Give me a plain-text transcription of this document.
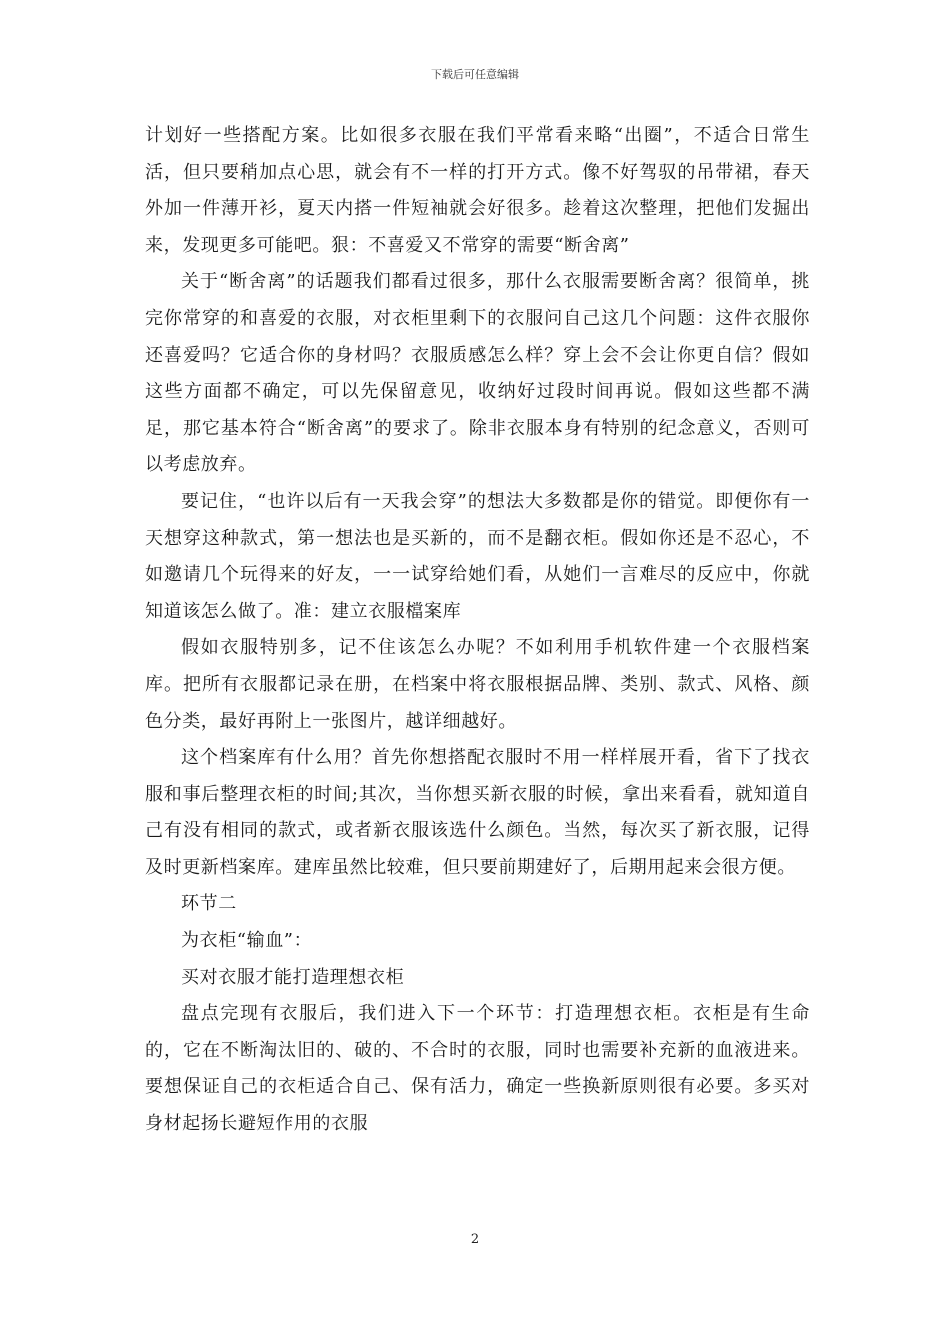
下载后可任意编辑

计划好一些搭配方案。比如很多衣服在我们平常看来略“出圈”，不适合日常生活，但只要稍加点心思，就会有不一样的打开方式。像不好驾驭的吊带裙，春天外加一件薄开衫，夏天内搭一件短袖就会好很多。趁着这次整理，把他们发掘出来，发现更多可能吧。狠：不喜爱又不常穿的需要“断舍离”

关于“断舍离”的话题我们都看过很多，那什么衣服需要断舍离？很简单，挑完你常穿的和喜爱的衣服，对衣柜里剩下的衣服问自己这几个问题：这件衣服你还喜爱吗？它适合你的身材吗？衣服质感怎么样？穿上会不会让你更自信？假如这些方面都不确定，可以先保留意见，收纳好过段时间再说。假如这些都不满足，那它基本符合“断舍离”的要求了。除非衣服本身有特别的纪念意义，否则可以考虑放弃。

要记住，“也许以后有一天我会穿”的想法大多数都是你的错觉。即便你有一天想穿这种款式，第一想法也是买新的，而不是翻衣柜。假如你还是不忍心，不如邀请几个玩得来的好友，一一试穿给她们看，从她们一言难尽的反应中，你就知道该怎么做了。准：建立衣服檔案库

假如衣服特别多，记不住该怎么办呢？不如利用手机软件建一个衣服档案库。把所有衣服都记录在册，在档案中将衣服根据品牌、类别、款式、风格、颜色分类，最好再附上一张图片，越详细越好。

这个档案库有什么用？首先你想搭配衣服时不用一样样展开看，省下了找衣服和事后整理衣柜的时间;其次，当你想买新衣服的时候，拿出来看看，就知道自己有没有相同的款式，或者新衣服该选什么颜色。当然，每次买了新衣服，记得及时更新档案库。建库虽然比较难，但只要前期建好了，后期用起来会很方便。

环节二

为衣柜“输血”：

买对衣服才能打造理想衣柜

盘点完现有衣服后，我们进入下一个环节：打造理想衣柜。衣柜是有生命的，它在不断淘汰旧的、破的、不合时的衣服，同时也需要补充新的血液进来。要想保证自己的衣柜适合自己、保有活力，确定一些换新原则很有必要。多买对身材起扬长避短作用的衣服

2
